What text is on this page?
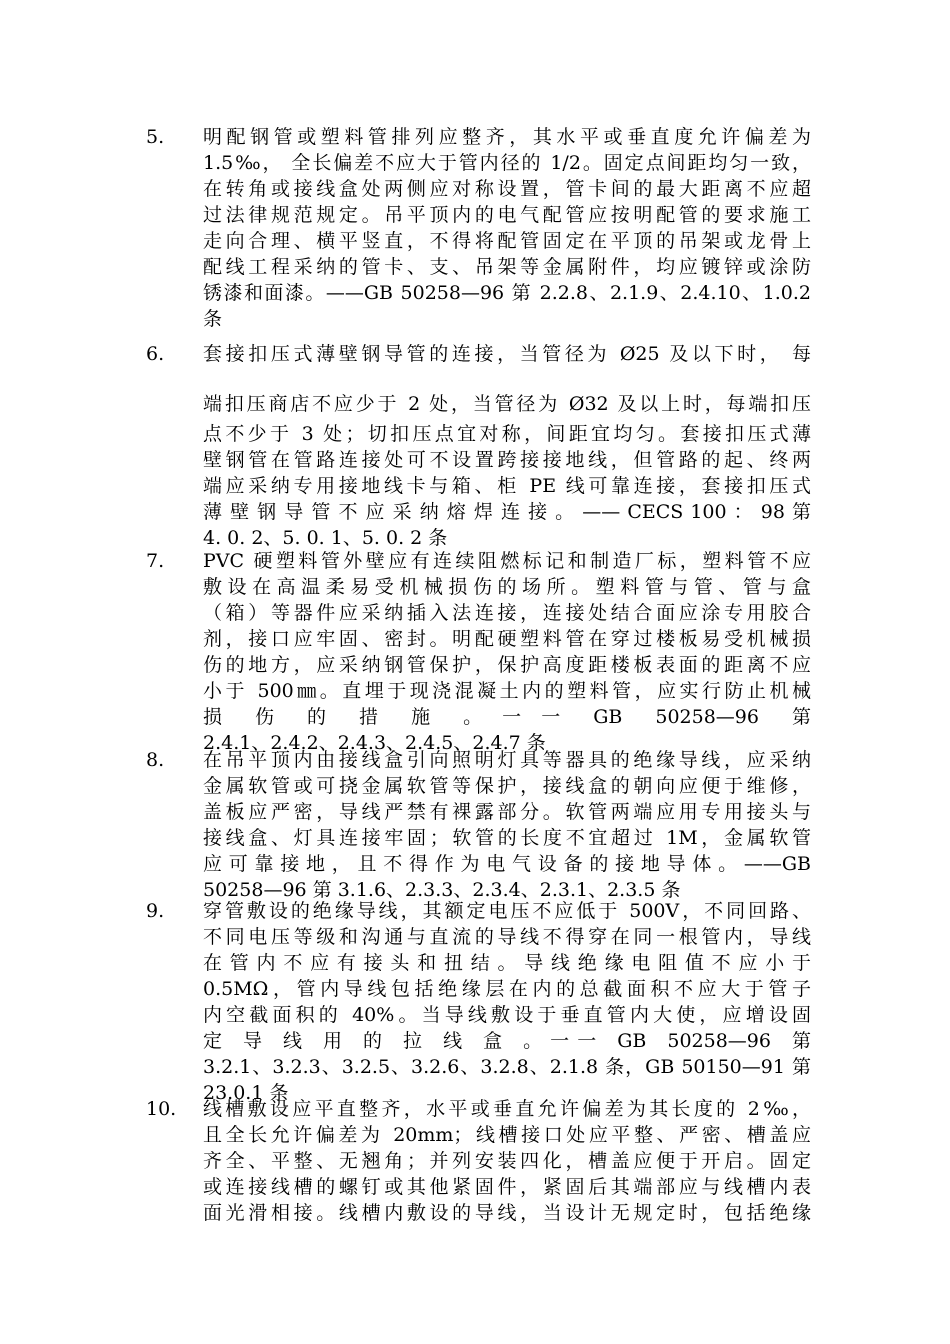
5. 明配钢管或塑料管排列应整齐，其水平或垂直度允许偏差为
1.5‰， 全长偏差不应大于管内径的 1/2。固定点间距均匀一致，
在转角或接线盒处两侧应对称设置，管卡间的最大距离不应超
过法律规范规定。吊平顶内的电气配管应按明配管的要求施工
走向合理、横平竖直，不得将配管固定在平顶的吊架或龙骨上
配线工程采纳的管卡、支、吊架等金属附件，均应镀锌或涂防
锈漆和面漆。——GB 50258—96 第 2.2.8、2.1.9、2.4.10、1.0.2
条
6. 套接扣压式薄壁钢导管的连接，当管径为 Ø25 及以下时， 每
端扣压商店不应少于 2 处，当管径为 Ø32 及以上时，每端扣压
点不少于 3 处；切扣压点宜对称，间距宜均匀。套接扣压式薄
壁钢管在管路连接处可不设置跨接接地线，但管路的起、终两
端应采纳专用接地线卡与箱、柜 PE 线可靠连接，套接扣压式
薄 壁 钢 导 管 不 应 采 纳 熔 焊 连 接 。 —— CECS 100 ： 98 第
4. 0. 2、5. 0. 1、5. 0. 2 条
7. PVC 硬塑料管外壁应有连续阻燃标记和制造厂标，塑料管不应
敷设在高温柔易受机械损伤的场所。塑料管与管、管与盒
（箱）等器件应采纳插入法连接，连接处结合面应涂专用胶合
剂，接口应牢固、密封。明配硬塑料管在穿过楼板易受机械损
伤的地方，应采纳钢管保护，保护高度距楼板表面的距离不应
小于 500㎜。直埋于现浇混凝土内的塑料管，应实行防止机械
损　伤　的　措　施　。 一 一　GB　50258—96　第
2.4.1、2.4.2、2.4.3、2.4.5、2.4.7 条
8. 在吊平顶内由接线盒引向照明灯具等器具的绝缘导线，应采纳
金属软管或可挠金属软管等保护，接线盒的朝向应便于维修，
盖板应严密，导线严禁有裸露部分。软管两端应用专用接头与
接线盒、灯具连接牢固；软管的长度不宜超过 1M，金属软管
应可靠接地，且不得作为电气设备的接地导体。——GB
50258—96 第 3.1.6、2.3.3、2.3.4、2.3.1、2.3.5 条
9. 穿管敷设的绝缘导线，其额定电压不应低于 500V，不同回路、
不同电压等级和沟通与直流的导线不得穿在同一根管内，导线
在管内不应有接头和扭结。导线绝缘电阻值不应小于
0.5MΩ，管内导线包括绝缘层在内的总截面积不应大于管子
内空截面积的 40%。当导线敷设于垂直管内大使，应增设固
定　导　线　用　的　拉　线　盒　。 一 一　GB　50258—96　第
3.2.1、3.2.3、3.2.5、3.2.6、3.2.8、2.1.8 条，GB 50150—91 第
23.0.1 条
10. 线槽敷设应平直整齐，水平或垂直允许偏差为其长度的 2‰，
且全长允许偏差为 20mm；线槽接口处应平整、严密、槽盖应
齐全、平整、无翘角；并列安装四化，槽盖应便于开启。固定
或连接线槽的螺钉或其他紧固件，紧固后其端部应与线槽内表
面光滑相接。线槽内敷设的导线，当设计无规定时，包括绝缘
